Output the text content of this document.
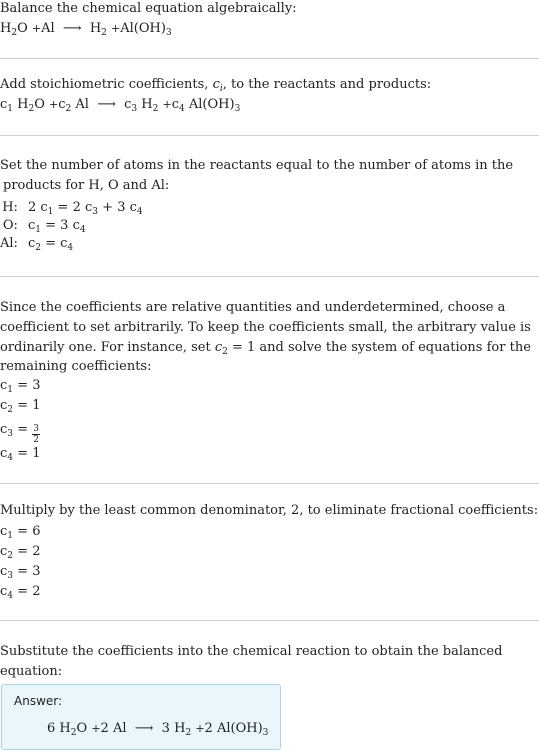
Balance the chemical equation algebraically:
$H_2O +Al$ ⟶ $H_2 +Al(OH)_3$
Add stoichiometric coefficients, $c_i$, to the reactants and products:
$c_1$ $H_2O +c_2$ Al ⟶ $c_3$ $H_2 +c_4$ $Al(OH)_3$
Set the number of atoms in the reactants equal to the number of atoms in the
products for H, O and Al:
H:	2 $c_1 = 2$ $c_3 + 3$ $c_4$
O:	$c_1 = 3$ $c_4$
Al:	$c_2 = c_4$
Since the coefficients are relative quantities and underdetermined, choose a
coefficient to set arbitrarily. To keep the coefficients small, the arbitrary value is
ordinarily one. For instance, set $c_2 = 1$ and solve the system of equations for the
remaining coefficients:
$c_1 = 3$
$c_2 = 1$
$c_3 = \frac{3}{2}$
$c_4 = 1$
Multiply by the least common denominator, 2, to eliminate fractional coefficients:
$c_1 = 6$
$c_2 = 2$
$c_3 = 3$
$c_4 = 2$
Substitute the coefficients into the chemical reaction to obtain the balanced
equation:
Answer:
6 $H_2O +2$ Al ⟶ 3 $H_2 +2$ $Al(OH)_3$
